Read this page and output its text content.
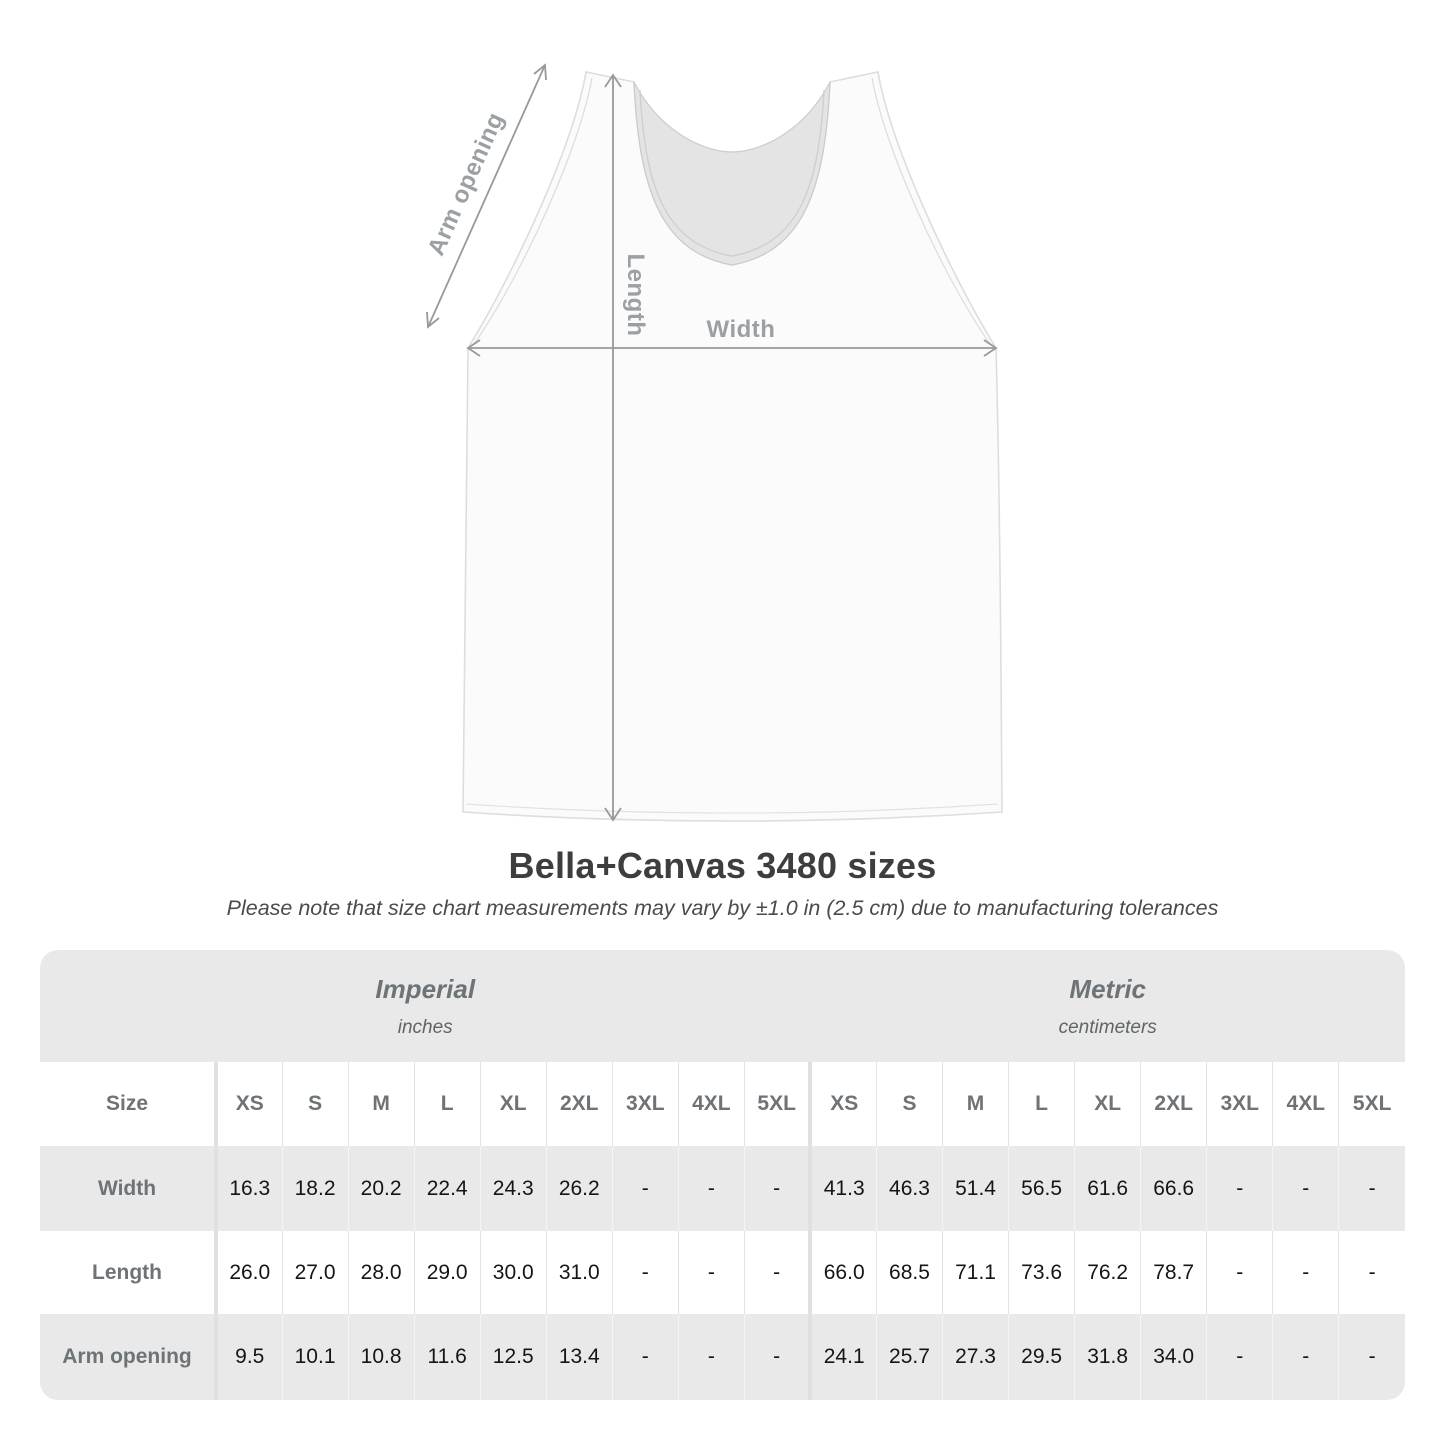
Arm opening
Length Width
Bella+Canvas 3480 sizes
Please note that size chart measurements may vary by ±1.0 in (2.5 cm) due to manufacturing tolerances
Imperial
inches

Metric
centimeters

Size	XS	S	M	L	XL	2XL	3XL	4XL	5XL	XS	S	M	L	XL	2XL	3XL	4XL	5XL
Width	16.3	18.2	20.2	22.4	24.3	26.2	-	-	-	41.3	46.3	51.4	56.5	61.6	66.6	-	-	-
Length	26.0	27.0	28.0	29.0	30.0	31.0	-	-	-	66.0	68.5	71.1	73.6	76.2	78.7	-	-	-
Arm opening	9.5	10.1	10.8	11.6	12.5	13.4	-	-	-	24.1	25.7	27.3	29.5	31.8	34.0	-	-	-
